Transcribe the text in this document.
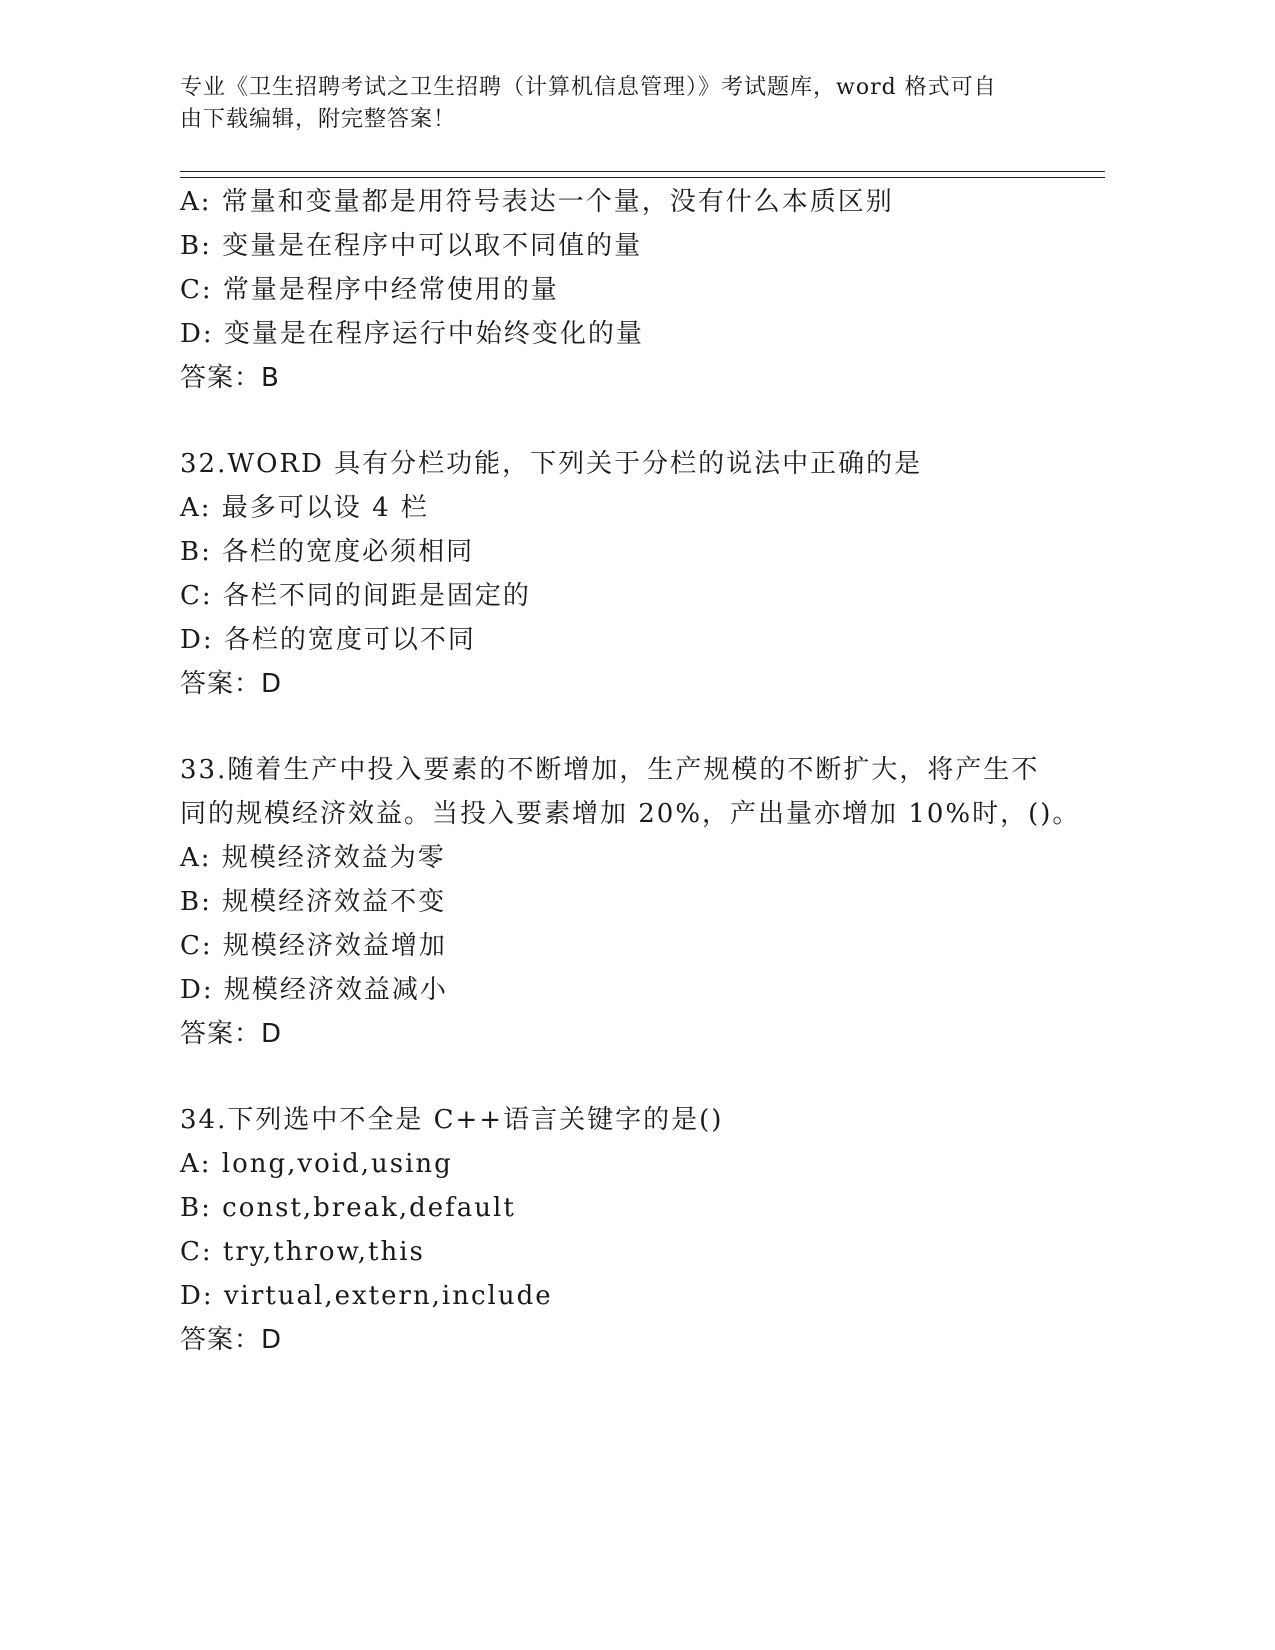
专业《卫生招聘考试之卫生招聘（计算机信息管理）》考试题库，word 格式可自
由下载编辑，附完整答案！
A: 常量和变量都是用符号表达一个量，没有什么本质区别
B: 变量是在程序中可以取不同值的量
C: 常量是程序中经常使用的量
D: 变量是在程序运行中始终变化的量
答案：B
32.WORD 具有分栏功能，下列关于分栏的说法中正确的是
A: 最多可以设 4 栏
B: 各栏的宽度必须相同
C: 各栏不同的间距是固定的
D: 各栏的宽度可以不同
答案：D
33.随着生产中投入要素的不断增加，生产规模的不断扩大，将产生不
同的规模经济效益。当投入要素增加 20%，产出量亦增加 10%时，()。
A: 规模经济效益为零
B: 规模经济效益不变
C: 规模经济效益增加
D: 规模经济效益减小
答案：D
34.下列选中不全是 C++语言关键字的是()
A: long,void,using
B: const,break,default
C: try,throw,this
D: virtual,extern,include
答案：D
